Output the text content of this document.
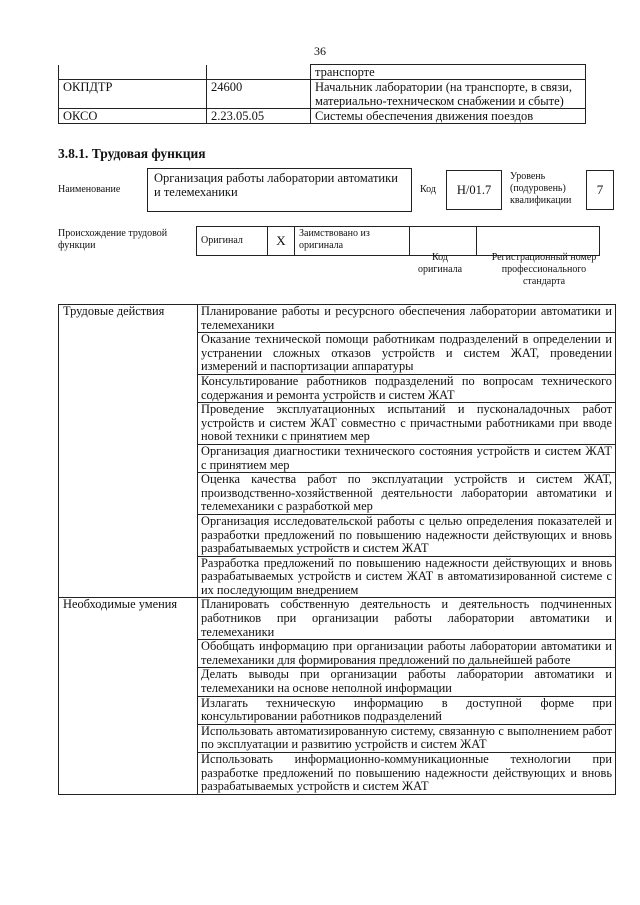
36
		транспорте
ОКПДТР	24600	Начальник лаборатории (на транспорте, в связи, материально-техническом снабжении и сбыте)
ОКСО	2.23.05.05	Системы обеспечения движения поездов
3.8.1. Трудовая функция
Наименование
Организация работы лаборатории автоматики и телемеханики	Код	H/01.7
Уровень (подуровень) квалификации
7
Происхождение трудовой функции	Оригинал	X	Заимствовано из оригинала		
Код оригинала
Регистрационный номер профессионального стандарта
Трудовые действия	Планирование работы и ресурсного обеспечения лаборатории автоматики и телемеханики
	Оказание технической помощи работникам подразделений в определении и устранении сложных отказов устройств и систем ЖАТ, проведении измерений и паспортизации аппаратуры
	Консультирование работников подразделений по вопросам технического содержания и ремонта устройств и систем ЖАТ
	Проведение эксплуатационных испытаний и пусконаладочных работ устройств и систем ЖАТ совместно с причастными работниками при вводе новой техники с принятием мер
	Организация диагностики технического состояния устройств и систем ЖАТ с принятием мер
	Оценка качества работ по эксплуатации устройств и систем ЖАТ, производственно-хозяйственной деятельности лаборатории автоматики и телемеханики с разработкой мер
	Организация исследовательской работы с целью определения показателей и разработки предложений по повышению надежности действующих и вновь разрабатываемых устройств и систем ЖАТ
	Разработка предложений по повышению надежности действующих и вновь разрабатываемых устройств и систем ЖАТ в автоматизированной системе с их последующим внедрением
Необходимые умения	Планировать собственную деятельность и деятельность подчиненных работников при организации работы лаборатории автоматики и телемеханики
	Обобщать информацию при организации работы лаборатории автоматики и телемеханики для формирования предложений по дальнейшей работе
	Делать выводы при организации работы лаборатории автоматики и телемеханики на основе неполной информации
	Излагать техническую информацию в доступной форме при консультировании работников подразделений
	Использовать автоматизированную систему, связанную с выполнением работ по эксплуатации и развитию устройств и систем ЖАТ
	Использовать информационно-коммуникационные технологии при разработке предложений по повышению надежности действующих и вновь разрабатываемых устройств и систем ЖАТ
